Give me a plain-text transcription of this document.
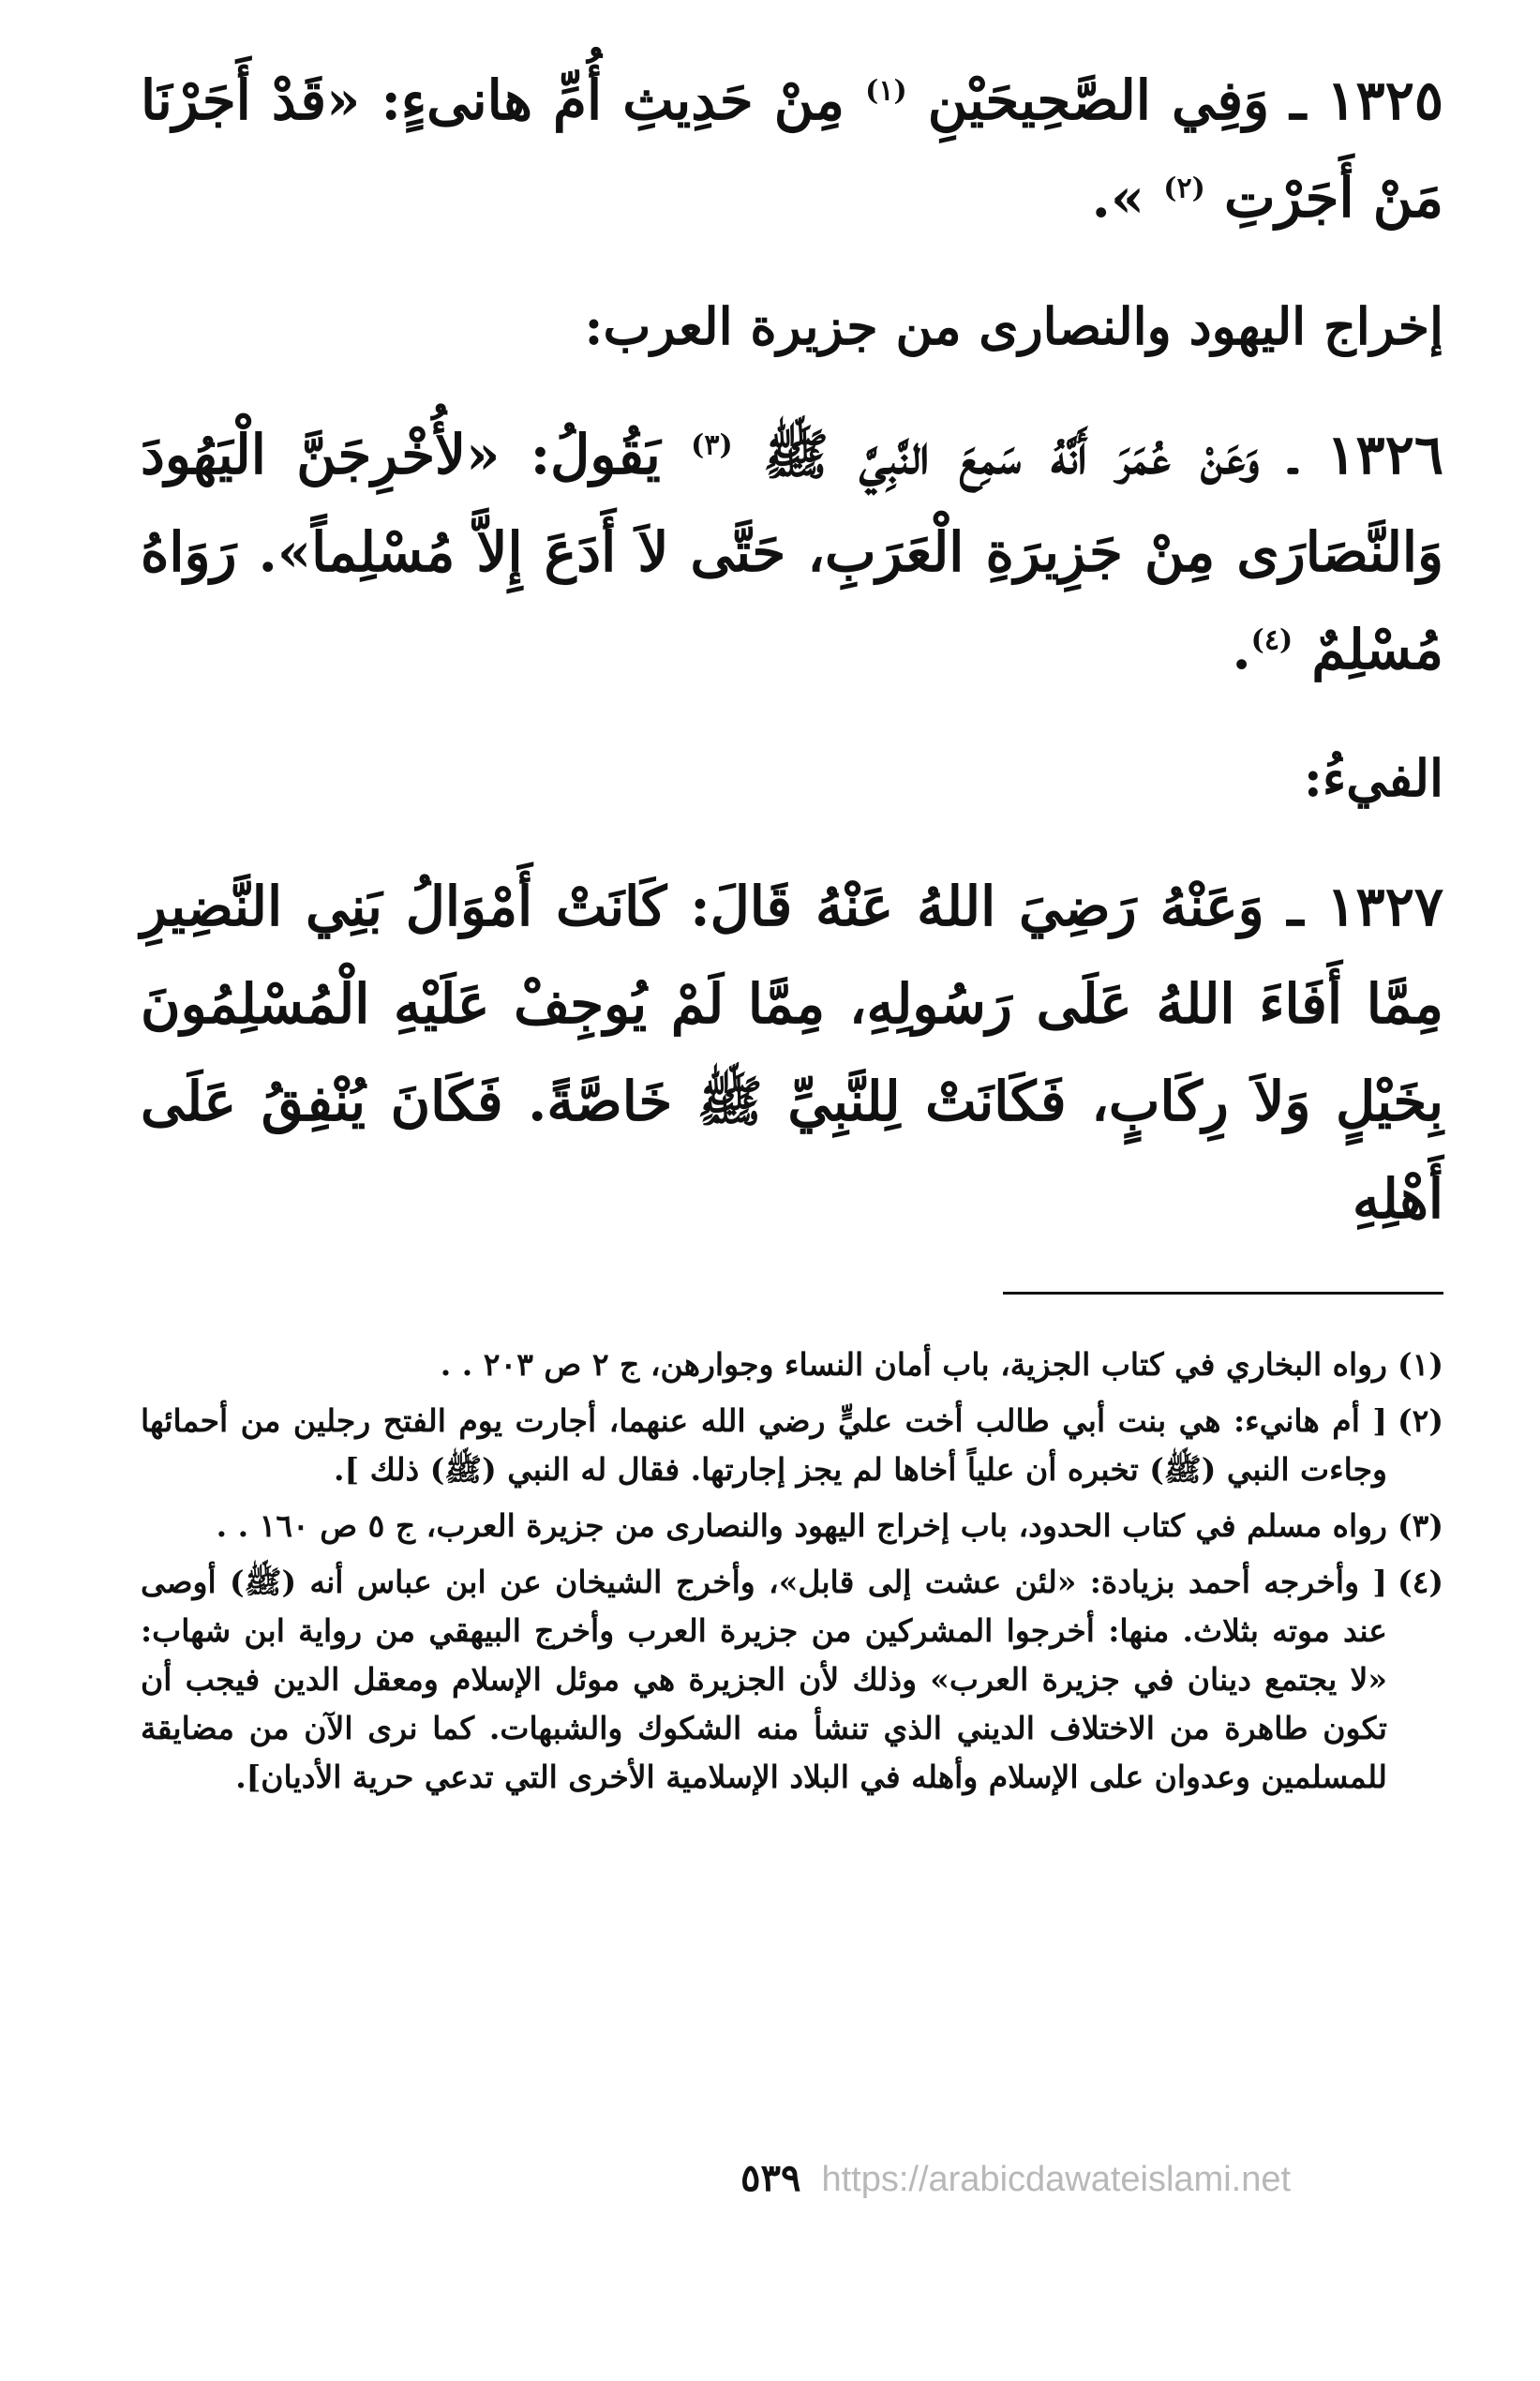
١٣٢٥ ـ وَفِي الصَّحِيحَيْنِ $^{(١)}$ مِنْ حَدِيثِ أُمِّ هانىءٍ: «قَدْ أَجَرْنَا مَنْ أَجَرْتِ $^{(٢)}$ ».

إخراج اليهود والنصارى من جزيرة العرب:

١٣٢٦ ـ وَعَنْ عُمَرَ أَنَّهُ سَمِعَ النَّبِيَّ ﷺ $^{(٣)}$ يَقُولُ: «لأُخْرِجَنَّ الْيَهُودَ وَالنَّصَارَى مِنْ جَزِيرَةِ الْعَرَبِ، حَتَّى لاَ أَدَعَ إِلاَّ مُسْلِماً». رَوَاهُ مُسْلِمٌ $^{(٤)}$.

الفيءُ:

١٣٢٧ ـ وَعَنْهُ رَضِيَ اللهُ عَنْهُ قَالَ: كَانَتْ أَمْوَالُ بَنِي النَّضِيرِ مِمَّا أَفَاءَ اللهُ عَلَى رَسُولِهِ، مِمَّا لَمْ يُوجِفْ عَلَيْهِ الْمُسْلِمُونَ بِخَيْلٍ وَلاَ رِكَابٍ، فَكَانَتْ لِلنَّبِيِّ ﷺ خَاصَّةً. فَكَانَ يُنْفِقُ عَلَى أَهْلِهِ

(١)
رواه البخاري في كتاب الجزية، باب أمان النساء وجوارهن، ج ٢ ص ٢٠٣ . .
(٢)
[ أم هانيء: هي بنت أبي طالب أخت عليٍّ رضي الله عنهما، أجارت يوم الفتح رجلين من أحمائها وجاءت النبي (ﷺ) تخبره أن علياً أخاها لم يجز إجارتها. فقال له النبي (ﷺ) ذلك ].
(٣)
رواه مسلم في كتاب الحدود، باب إخراج اليهود والنصارى من جزيرة العرب، ج ٥ ص ١٦٠ . .
(٤)
[ وأخرجه أحمد بزيادة: «لئن عشت إلى قابل»، وأخرج الشيخان عن ابن عباس أنه (ﷺ) أوصى عند موته بثلاث. منها: أخرجوا المشركين من جزيرة العرب وأخرج البيهقي من رواية ابن شهاب: «لا يجتمع دينان في جزيرة العرب» وذلك لأن الجزيرة هي موئل الإسلام ومعقل الدين فيجب أن تكون طاهرة من الاختلاف الديني الذي تنشأ منه الشكوك والشبهات. كما نرى الآن من مضايقة للمسلمين وعدوان على الإسلام وأهله في البلاد الإسلامية الأخرى التي تدعي حرية الأديان].
٥٣٩ https://arabicdawateislami.net
